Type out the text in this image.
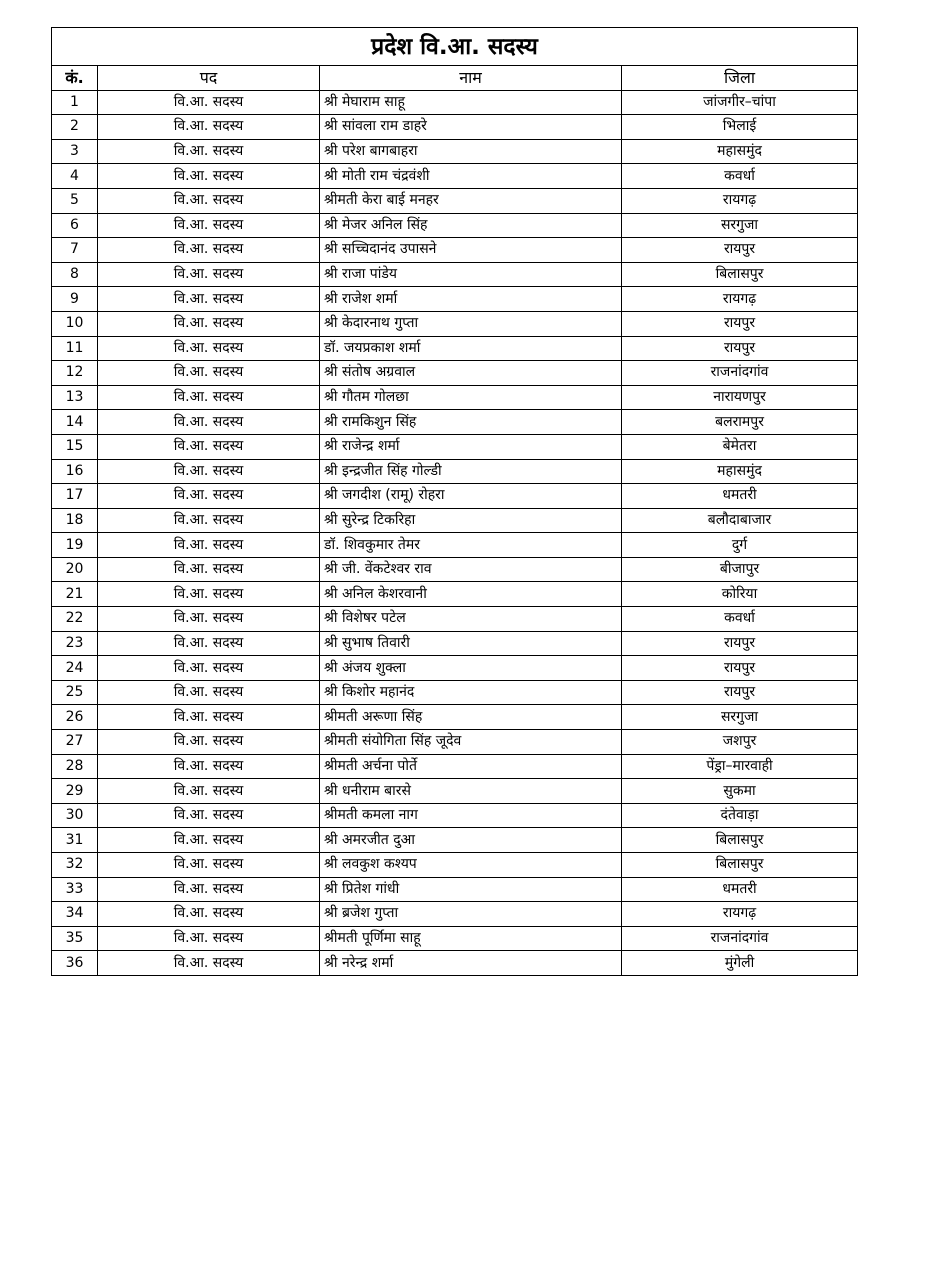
प्रदेश वि.आ. सदस्य			
कं.	पद	नाम	जिला
1	वि.आ. सदस्य	श्री मेघाराम साहू	जांजगीर–चांपा
2	वि.आ. सदस्य	श्री सांवला राम डाहरे	भिलाई
3	वि.आ. सदस्य	श्री परेश बागबाहरा	महासमुंद
4	वि.आ. सदस्य	श्री मोती राम चंद्रवंशी	कवर्धा
5	वि.आ. सदस्य	श्रीमती केरा बाई मनहर	रायगढ़
6	वि.आ. सदस्य	श्री मेजर अनिल सिंह	सरगुजा
7	वि.आ. सदस्य	श्री सच्चिदानंद उपासने	रायपुर
8	वि.आ. सदस्य	श्री राजा पांडेय	बिलासपुर
9	वि.आ. सदस्य	श्री राजेश शर्मा	रायगढ़
10	वि.आ. सदस्य	श्री केदारनाथ गुप्ता	रायपुर
11	वि.आ. सदस्य	डॉ. जयप्रकाश शर्मा	रायपुर
12	वि.आ. सदस्य	श्री संतोष अग्रवाल	राजनांदगांव
13	वि.आ. सदस्य	श्री गौतम गोलछा	नारायणपुर
14	वि.आ. सदस्य	श्री रामकिशुन सिंह	बलरामपुर
15	वि.आ. सदस्य	श्री राजेन्द्र शर्मा	बेमेतरा
16	वि.आ. सदस्य	श्री इन्द्रजीत सिंह गोल्डी	महासमुंद
17	वि.आ. सदस्य	श्री जगदीश (रामू) रोहरा	धमतरी
18	वि.आ. सदस्य	श्री सुरेन्द्र टिकरिहा	बलौदाबाजार
19	वि.आ. सदस्य	डॉ. शिवकुमार तेमर	दुर्ग
20	वि.आ. सदस्य	श्री जी. वेंकटेश्वर राव	बीजापुर
21	वि.आ. सदस्य	श्री अनिल केशरवानी	कोरिया
22	वि.आ. सदस्य	श्री विशेषर पटेल	कवर्धा
23	वि.आ. सदस्य	श्री सुभाष तिवारी	रायपुर
24	वि.आ. सदस्य	श्री अंजय शुक्ला	रायपुर
25	वि.आ. सदस्य	श्री किशोर महानंद	रायपुर
26	वि.आ. सदस्य	श्रीमती अरूणा सिंह	सरगुजा
27	वि.आ. सदस्य	श्रीमती संयोगिता सिंह जूदेव	जशपुर
28	वि.आ. सदस्य	श्रीमती अर्चना पोर्ते	पेंड्रा–मारवाही
29	वि.आ. सदस्य	श्री धनीराम बारसे	सुकमा
30	वि.आ. सदस्य	श्रीमती कमला नाग	दंतेवाड़ा
31	वि.आ. सदस्य	श्री अमरजीत दुआ	बिलासपुर
32	वि.आ. सदस्य	श्री लवकुश कश्यप	बिलासपुर
33	वि.आ. सदस्य	श्री प्रितेश गांधी	धमतरी
34	वि.आ. सदस्य	श्री ब्रजेश गुप्ता	रायगढ़
35	वि.आ. सदस्य	श्रीमती पूर्णिमा साहू	राजनांदगांव
36	वि.आ. सदस्य	श्री नरेन्द्र शर्मा	मुंगेली
